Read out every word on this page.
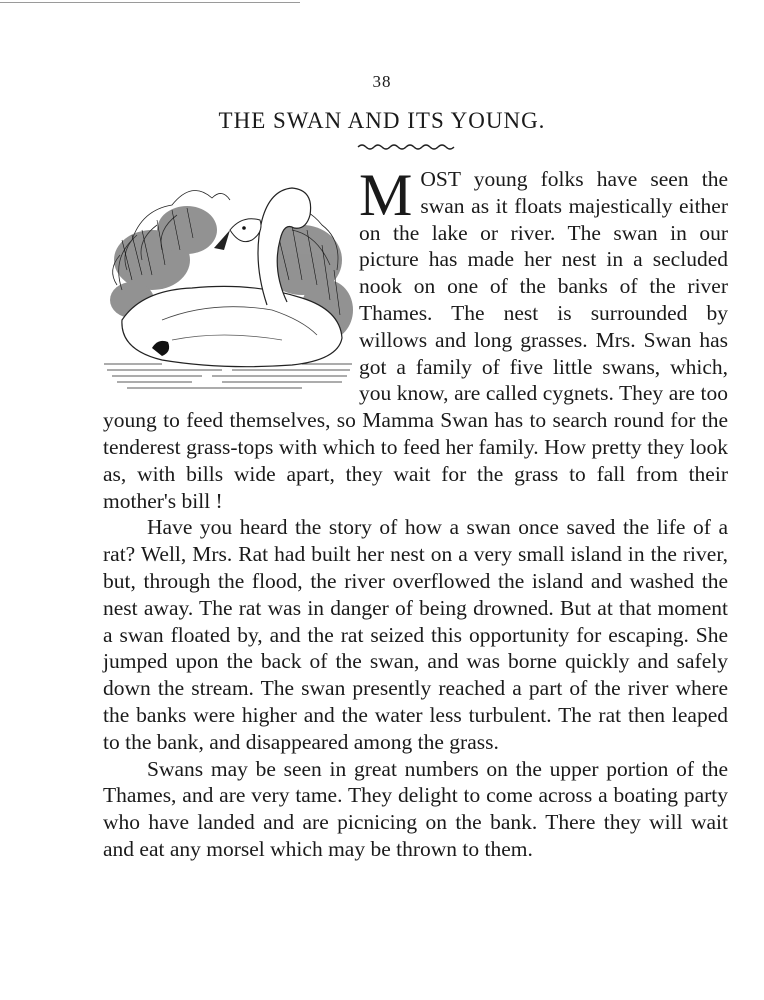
38
THE SWAN AND ITS YOUNG.

MOST young folks have seen the swan as it floats majestically either on the lake or river. The swan in our picture has made her nest in a secluded nook on one of the banks of the river Thames. The nest is surrounded by willows and long grasses. Mrs. Swan has got a family of five little swans, which, you know, are called cygnets. They are too young to feed themselves, so Mamma Swan has to search round for the tenderest grass-tops with which to feed her family. How pretty they look as, with bills wide apart, they wait for the grass to fall from their mother's bill !

Have you heard the story of how a swan once saved the life of a rat? Well, Mrs. Rat had built her nest on a very small island in the river, but, through the flood, the river overflowed the island and washed the nest away. The rat was in danger of being drowned. But at that moment a swan floated by, and the rat seized this opportunity for escaping. She jumped upon the back of the swan, and was borne quickly and safely down the stream. The swan presently reached a part of the river where the banks were higher and the water less turbulent. The rat then leaped to the bank, and disappeared among the grass.

Swans may be seen in great numbers on the upper portion of the Thames, and are very tame. They delight to come across a boating party who have landed and are picnicing on the bank. There they will wait and eat any morsel which may be thrown to them.
